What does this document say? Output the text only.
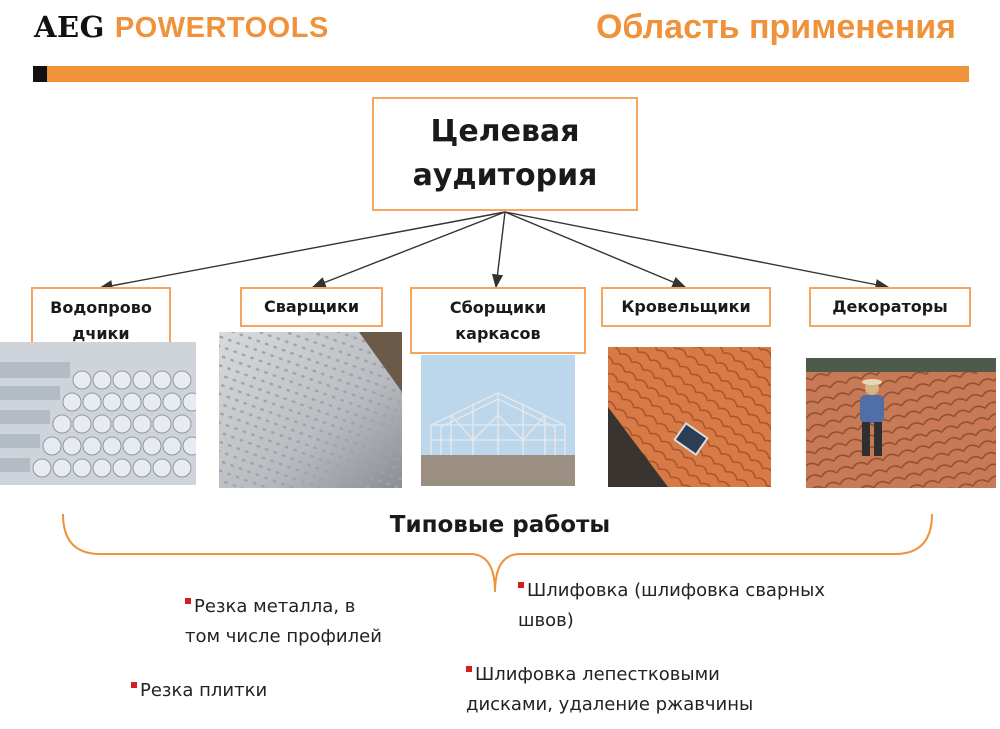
AEG POWERTOOLS	Область применения
Целевая
аудитория
Водопрово
дчики
Сварщики	Сборщики
каркасов
Кровельщики	Декораторы
Типовые работы
Резка металла, в
том числе профилей
Шлифовка (шлифовка сварных
швов)
Шлифовка лепестковыми
дисками, удаление ржавчины
Резка плитки
